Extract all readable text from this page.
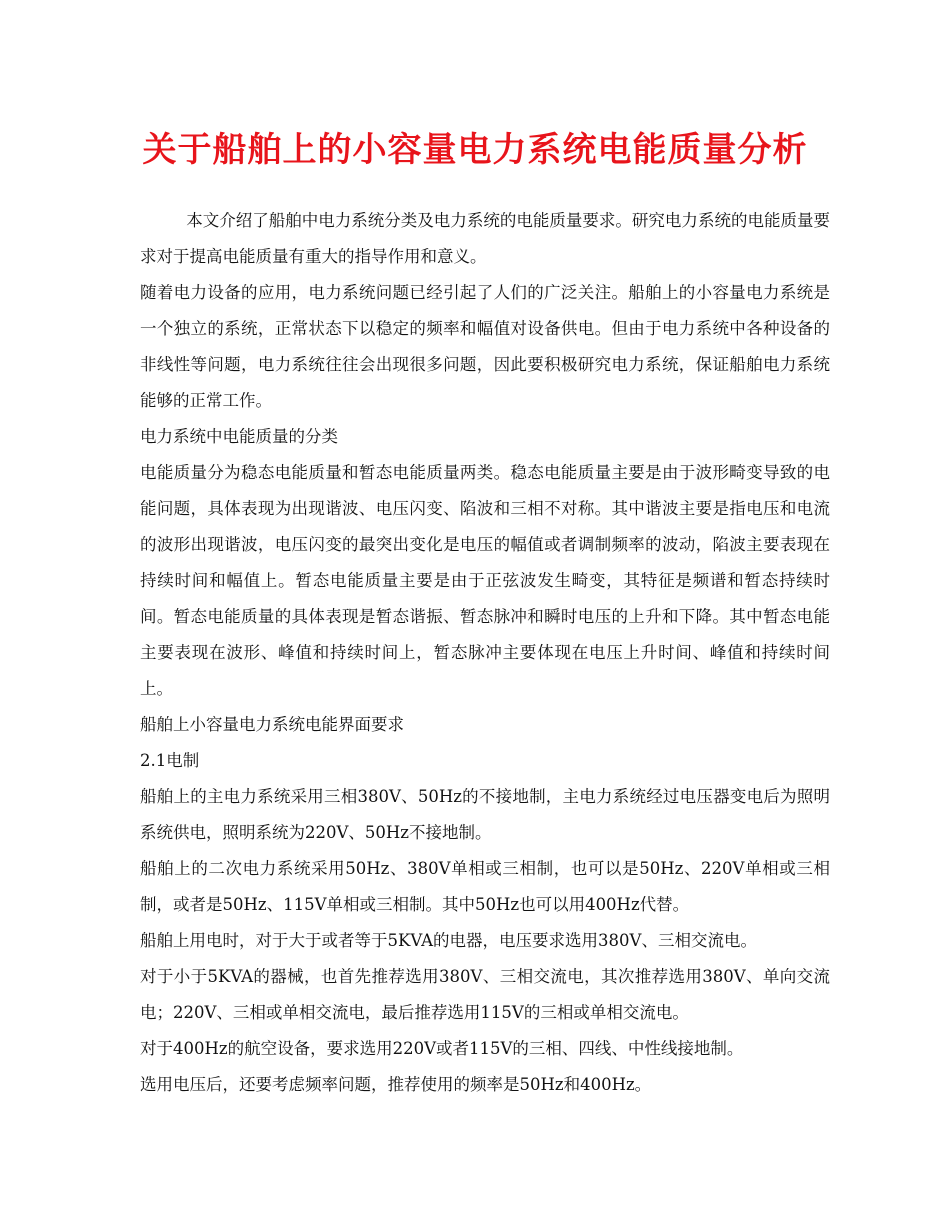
关于船舶上的小容量电力系统电能质量分析

本文介绍了船舶中电力系统分类及电力系统的电能质量要求。研究电力系统的电能质量要求对于提高电能质量有重大的指导作用和意义。

随着电力设备的应用，电力系统问题已经引起了人们的广泛关注。船舶上的小容量电力系统是一个独立的系统，正常状态下以稳定的频率和幅值对设备供电。但由于电力系统中各种设备的非线性等问题，电力系统往往会出现很多问题，因此要积极研究电力系统，保证船舶电力系统能够的正常工作。

电力系统中电能质量的分类

电能质量分为稳态电能质量和暂态电能质量两类。稳态电能质量主要是由于波形畸变导致的电能问题，具体表现为出现谐波、电压闪变、陷波和三相不对称。其中谐波主要是指电压和电流的波形出现谐波，电压闪变的最突出变化是电压的幅值或者调制频率的波动，陷波主要表现在持续时间和幅值上。暂态电能质量主要是由于正弦波发生畸变，其特征是频谱和暂态持续时间。暂态电能质量的具体表现是暂态谐振、暂态脉冲和瞬时电压的上升和下降。其中暂态电能主要表现在波形、峰值和持续时间上，暂态脉冲主要体现在电压上升时间、峰值和持续时间上。

船舶上小容量电力系统电能界面要求

2.1电制

船舶上的主电力系统采用三相380V、50Hz的不接地制，主电力系统经过电压器变电后为照明系统供电，照明系统为220V、50Hz不接地制。

船舶上的二次电力系统采用50Hz、380V单相或三相制，也可以是50Hz、220V单相或三相制，或者是50Hz、115V单相或三相制。其中50Hz也可以用400Hz代替。

船舶上用电时，对于大于或者等于5KVA的电器，电压要求选用380V、三相交流电。

对于小于5KVA的器械，也首先推荐选用380V、三相交流电，其次推荐选用380V、单向交流电；220V、三相或单相交流电，最后推荐选用115V的三相或单相交流电。

对于400Hz的航空设备，要求选用220V或者115V的三相、四线、中性线接地制。

选用电压后，还要考虑频率问题，推荐使用的频率是50Hz和400Hz。
